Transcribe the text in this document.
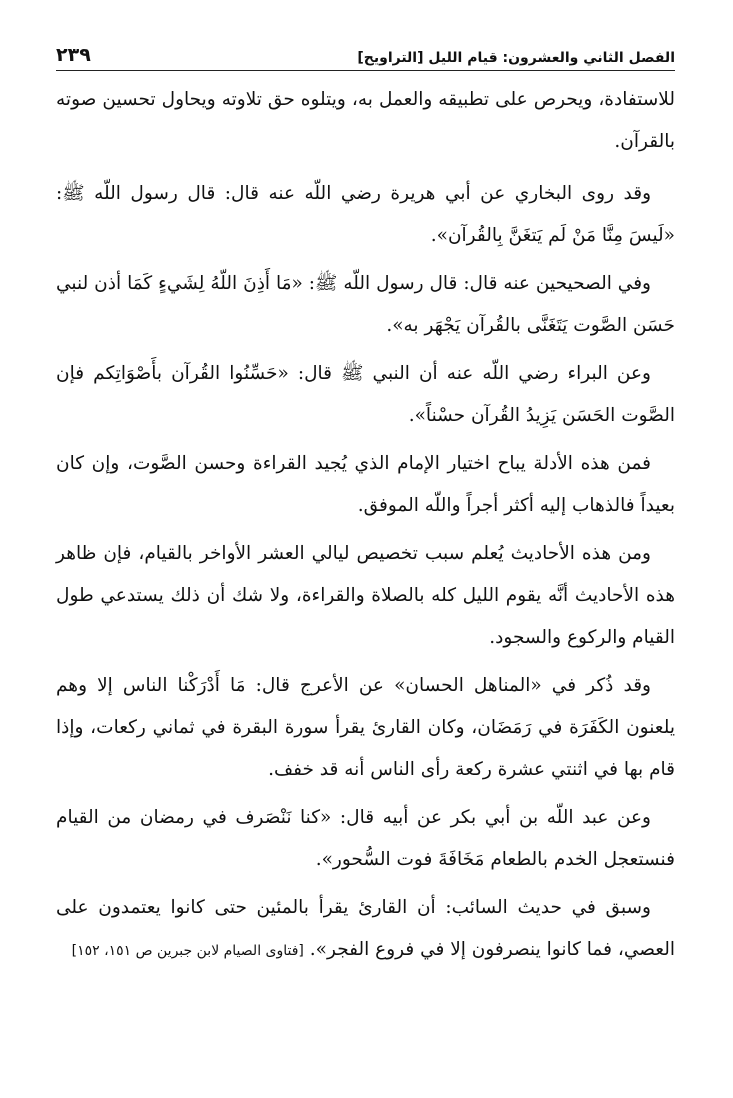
٢٣٩	الفصل الثاني والعشرون: قيام الليل [التراويح]

للاستفادة، ويحرص على تطبيقه والعمل به، ويتلوه حق تلاوته ويحاول تحسين صوته بالقرآن.

وقد روى البخاري عن أبي هريرة رضي اللّه عنه قال: قال رسول اللّه ﷺ: «لَيسَ مِنَّا مَنْ لَم يَتغَنَّ بِالقُرآن».

وفي الصحيحين عنه قال: قال رسول اللّه ﷺ: «مَا أَذِنَ اللّهُ لِشَيءٍ كَمَا أذن لنبي حَسَن الصَّوت يَتَغَنَّى بالقُرآن يَجْهَر به».

وعن البراء رضي اللّه عنه أن النبي ﷺ قال: «حَسِّنُوا القُرآن بأَصْوَاتِكم فإن الصَّوت الحَسَن يَزِيدُ القُرآن حسْناً».

فمن هذه الأدلة يباح اختيار الإمام الذي يُجيد القراءة وحسن الصَّوت، وإن كان بعيداً فالذهاب إليه أكثر أجراً واللّه الموفق.

ومن هذه الأحاديث يُعلم سبب تخصيص ليالي العشر الأواخر بالقيام، فإن ظاهر هذه الأحاديث أنَّه يقوم الليل كله بالصلاة والقراءة، ولا شك أن ذلك يستدعي طول القيام والركوع والسجود.

وقد ذُكر في «المناهل الحسان» عن الأعرج قال: مَا أَدْرَكْنا الناس إلا وهم يلعنون الكَفَرَة في رَمَضَان، وكان القارئ يقرأ سورة البقرة في ثماني ركعات، وإذا قام بها في اثنتي عشرة ركعة رأى الناس أنه قد خفف.

وعن عبد اللّه بن أبي بكر عن أبيه قال: «كنا نَنْصَرف في رمضان من القيام فنستعجل الخدم بالطعام مَخَافَةَ فوت السُّحور».

وسبق في حديث السائب: أن القارئ يقرأ بالمئين حتى كانوا يعتمدون على العصي، فما كانوا ينصرفون إلا في فروع الفجر». [فتاوى الصيام لابن جبرين ص ١٥١، ١٥٢]
